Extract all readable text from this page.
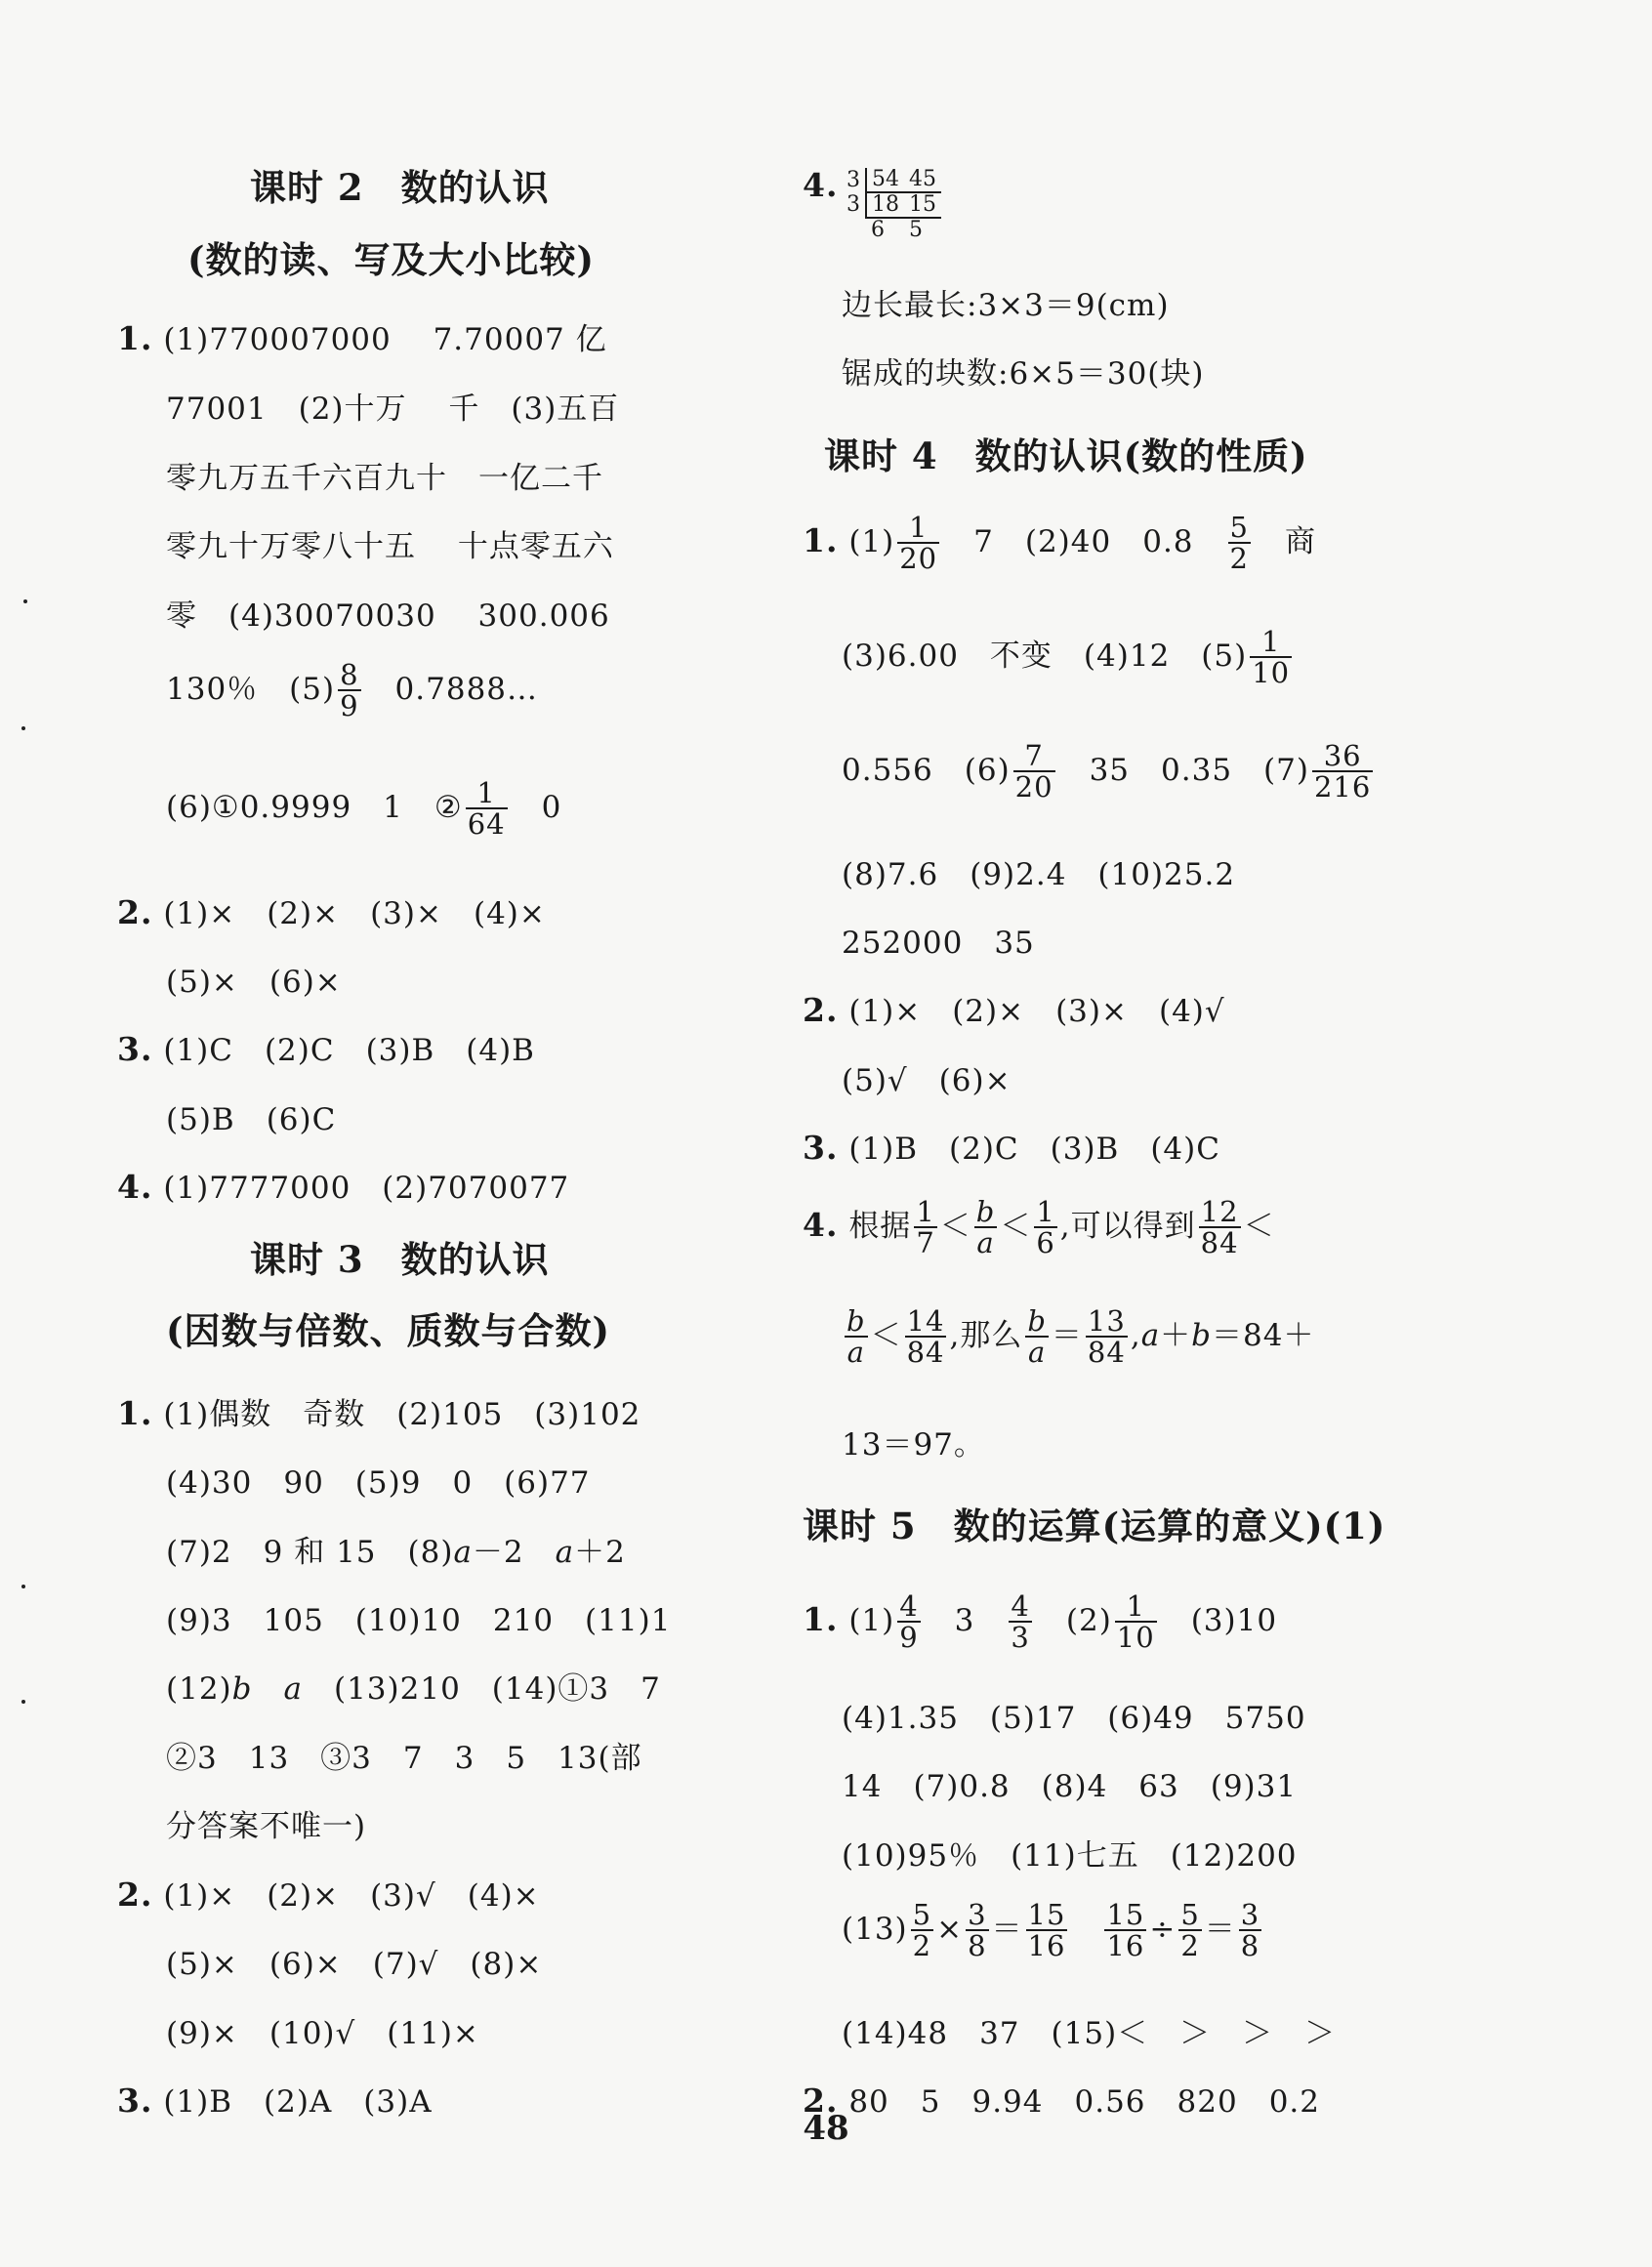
课时 2　数的认识
(数的读、写及大小比较)
1. (1)770007000　 7.70007 亿
77001　(2)十万　 千　(3)五百
零九万五千六百九十　一亿二千
零九十万零八十五　 十点零五六
零　(4)30070030　 300.006
130％　$(5) \frac{8}{9}$ 　0.7888…
(6)①0.9999　1　② $\frac{1}{64}$ 　0
2. (1)×　(2)×　(3)×　(4)×
(5)×　(6)×
3. (1)C　(2)C　(3)B　(4)B
(5)B　(6)C
4. (1)7777000　(2)7070077
课时 3　数的认识
(因数与倍数、质数与合数)
1. (1)偶数　奇数　(2)105　(3)102
(4)30　90　(5)9　0　(6)77
(7)2　9 和 15　(8)a－2　a＋2
(9)3　105　(10)10　210　(11)1
(12)b　 a　(13)210　(14)①3　7
②3　13　③3　7　3　5　13(部
分答案不唯一)
2. (1)×　(2)×　(3)√　(4)×
(5)×　(6)×　(7)√　(8)×
(9)×　(10)√　(11)×
3. (1)B　(2)A　(3)A
4. 3	54	45
3	18	15
	6	5
边长最长:3×3＝9(cm)
锯成的块数:6×5＝30(块)
课时 4　数的认识(数的性质)
1. $(1) \frac{1}{20}$ 　7　(2)40　0.8　 $\frac{5}{2}$ 　商
(3)6.00　不变　(4)12　$(5) \frac{1}{10}$
0.556　$(6) \frac{7}{20}$ 　35　0.35　$(7) \frac{36}{216}$
(8)7.6　(9)2.4　(10)25.2
252000　35
2. (1)×　(2)×　(3)×　(4)√
(5)√　(6)×
3. (1)B　(2)C　(3)B　(4)C
4. 根据 $\frac{1}{7} < \frac{b}{a} < \frac{1}{6}$ ,可以得到 $\frac{12}{84}$ ＜
$\frac{b}{a} < \frac{14}{84}$ ,那么 $\frac{b}{a} = \frac{13}{84} ,a+b=84+$
13＝97。
课时 5　数的运算(运算的意义)(1)
1. $(1) \frac{4}{9}$ 　3　 $\frac{4}{3}$ 　$(2) \frac{1}{10}$ 　(3)10
(4)1.35　(5)17　(6)49　5750
14　(7)0.8　(8)4　63　(9)31
(10)95％　(11)七五　(12)200
$(13) \frac{5}{2} \times \frac{3}{8} = \frac{15}{16}$
　 $\frac{15}{16} \div \frac{5}{2} = \frac{3}{8}$
(14)48　37　(15)＜　＞　＞　＞
2. 80　5　9.94　0.56　820　0.2
48
